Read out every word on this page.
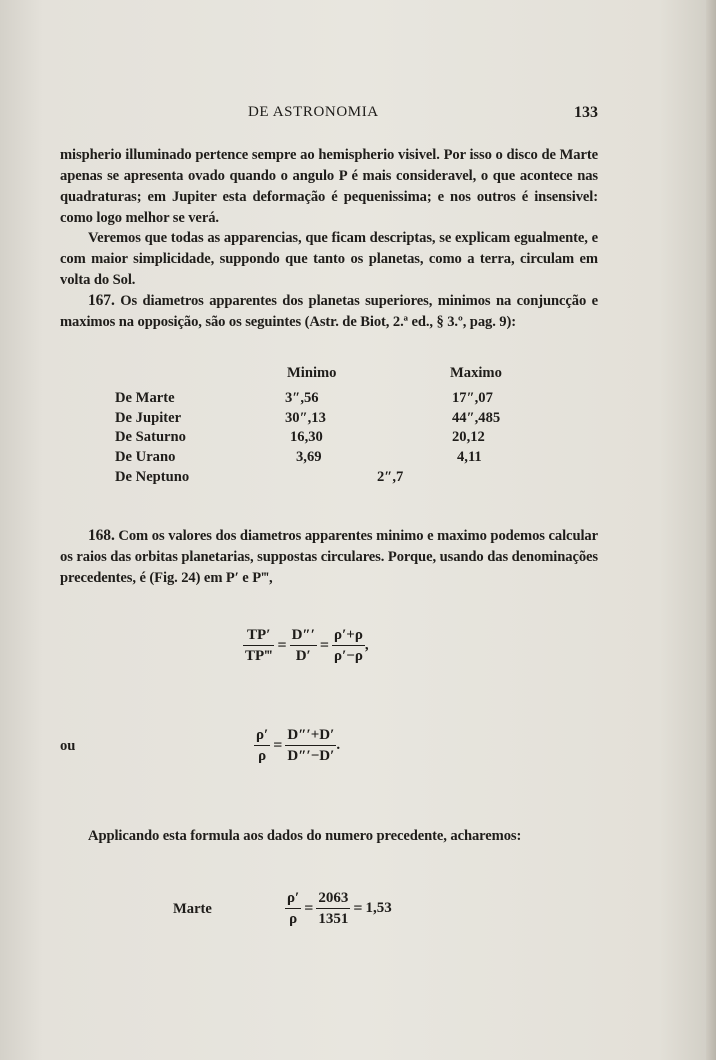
DE ASTRONOMIA	133

mispherio illuminado pertence sempre ao hemispherio visivel. Por isso o disco de Marte apenas se apresenta ovado quando o angulo P é mais consideravel, o que acontece nas quadraturas; em Jupiter esta deformação é pequenissima; e nos outros é insensivel: como logo melhor se verá.

Veremos que todas as apparencias, que ficam descriptas, se explicam egualmente, e com maior simplicidade, suppondo que tanto os planetas, como a terra, circulam em volta do Sol.

167. Os diametros apparentes dos planetas superiores, minimos na conjuncção e maximos na opposição, são os seguintes (Astr. de Biot, 2.ª ed., § 3.º, pag. 9):

Minimo	Maximo
De Marte	3″,56	17″,07
De Jupiter	30″,13	44″,485
De Saturno	16,30	20,12
De Urano	3,69	4,11
De Neptuno	2″,7

168. Com os valores dos diametros apparentes minimo e maximo podemos calcular os raios das orbitas planetarias, suppostas circulares. Porque, usando das denominações precedentes, é (Fig. 24) em P′ e P‴,

$\frac{TP'}{TP‴} = \frac{D'''}{D'} = \frac{\rho'+\rho}{\rho'-\rho}$ ,
ou	$\frac{\rho'}{\rho} = \frac{D'''+D'}{D'''-D'}$ .

Applicando esta formula aos dados do numero precedente, acharemos:

Marte	$\frac{\rho'}{\rho} = \frac{2063}{1351} = 1,53$
